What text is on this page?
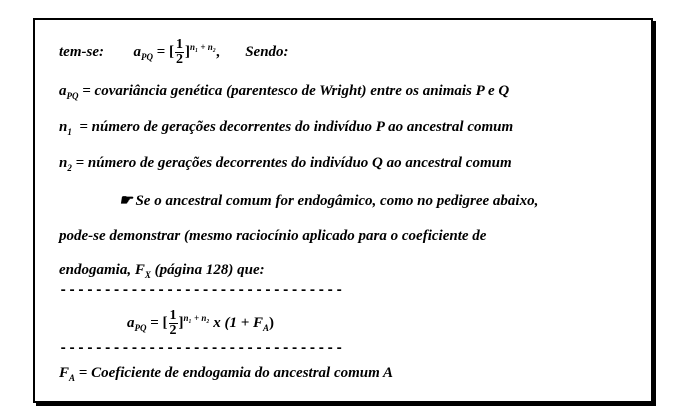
tem-se: $a_{PQ}$ = [ $\frac{1}{2} ]^{n_1 + n_2}$, Sendo:
$a_{PQ}$ = covariância genética (parentesco de Wright) entre os animais P e Q
$n_1$  = número de gerações decorrentes do indivíduo P ao ancestral comum
$n_2$ = número de gerações decorrentes do indivíduo Q ao ancestral comum
☛ Se o ancestral comum for endogâmico, como no pedigree abaixo,
pode-se demonstrar (mesmo raciocínio aplicado para o coeficiente de
endogamia, $F_X$ (página 128) que:
--------------------------------
$a_{PQ}$ = [ $\frac{1}{2} ]^{n_1 + n_2}$ x $(1 + F_A)$
--------------------------------
$F_A$ = Coeficiente de endogamia do ancestral comum A
